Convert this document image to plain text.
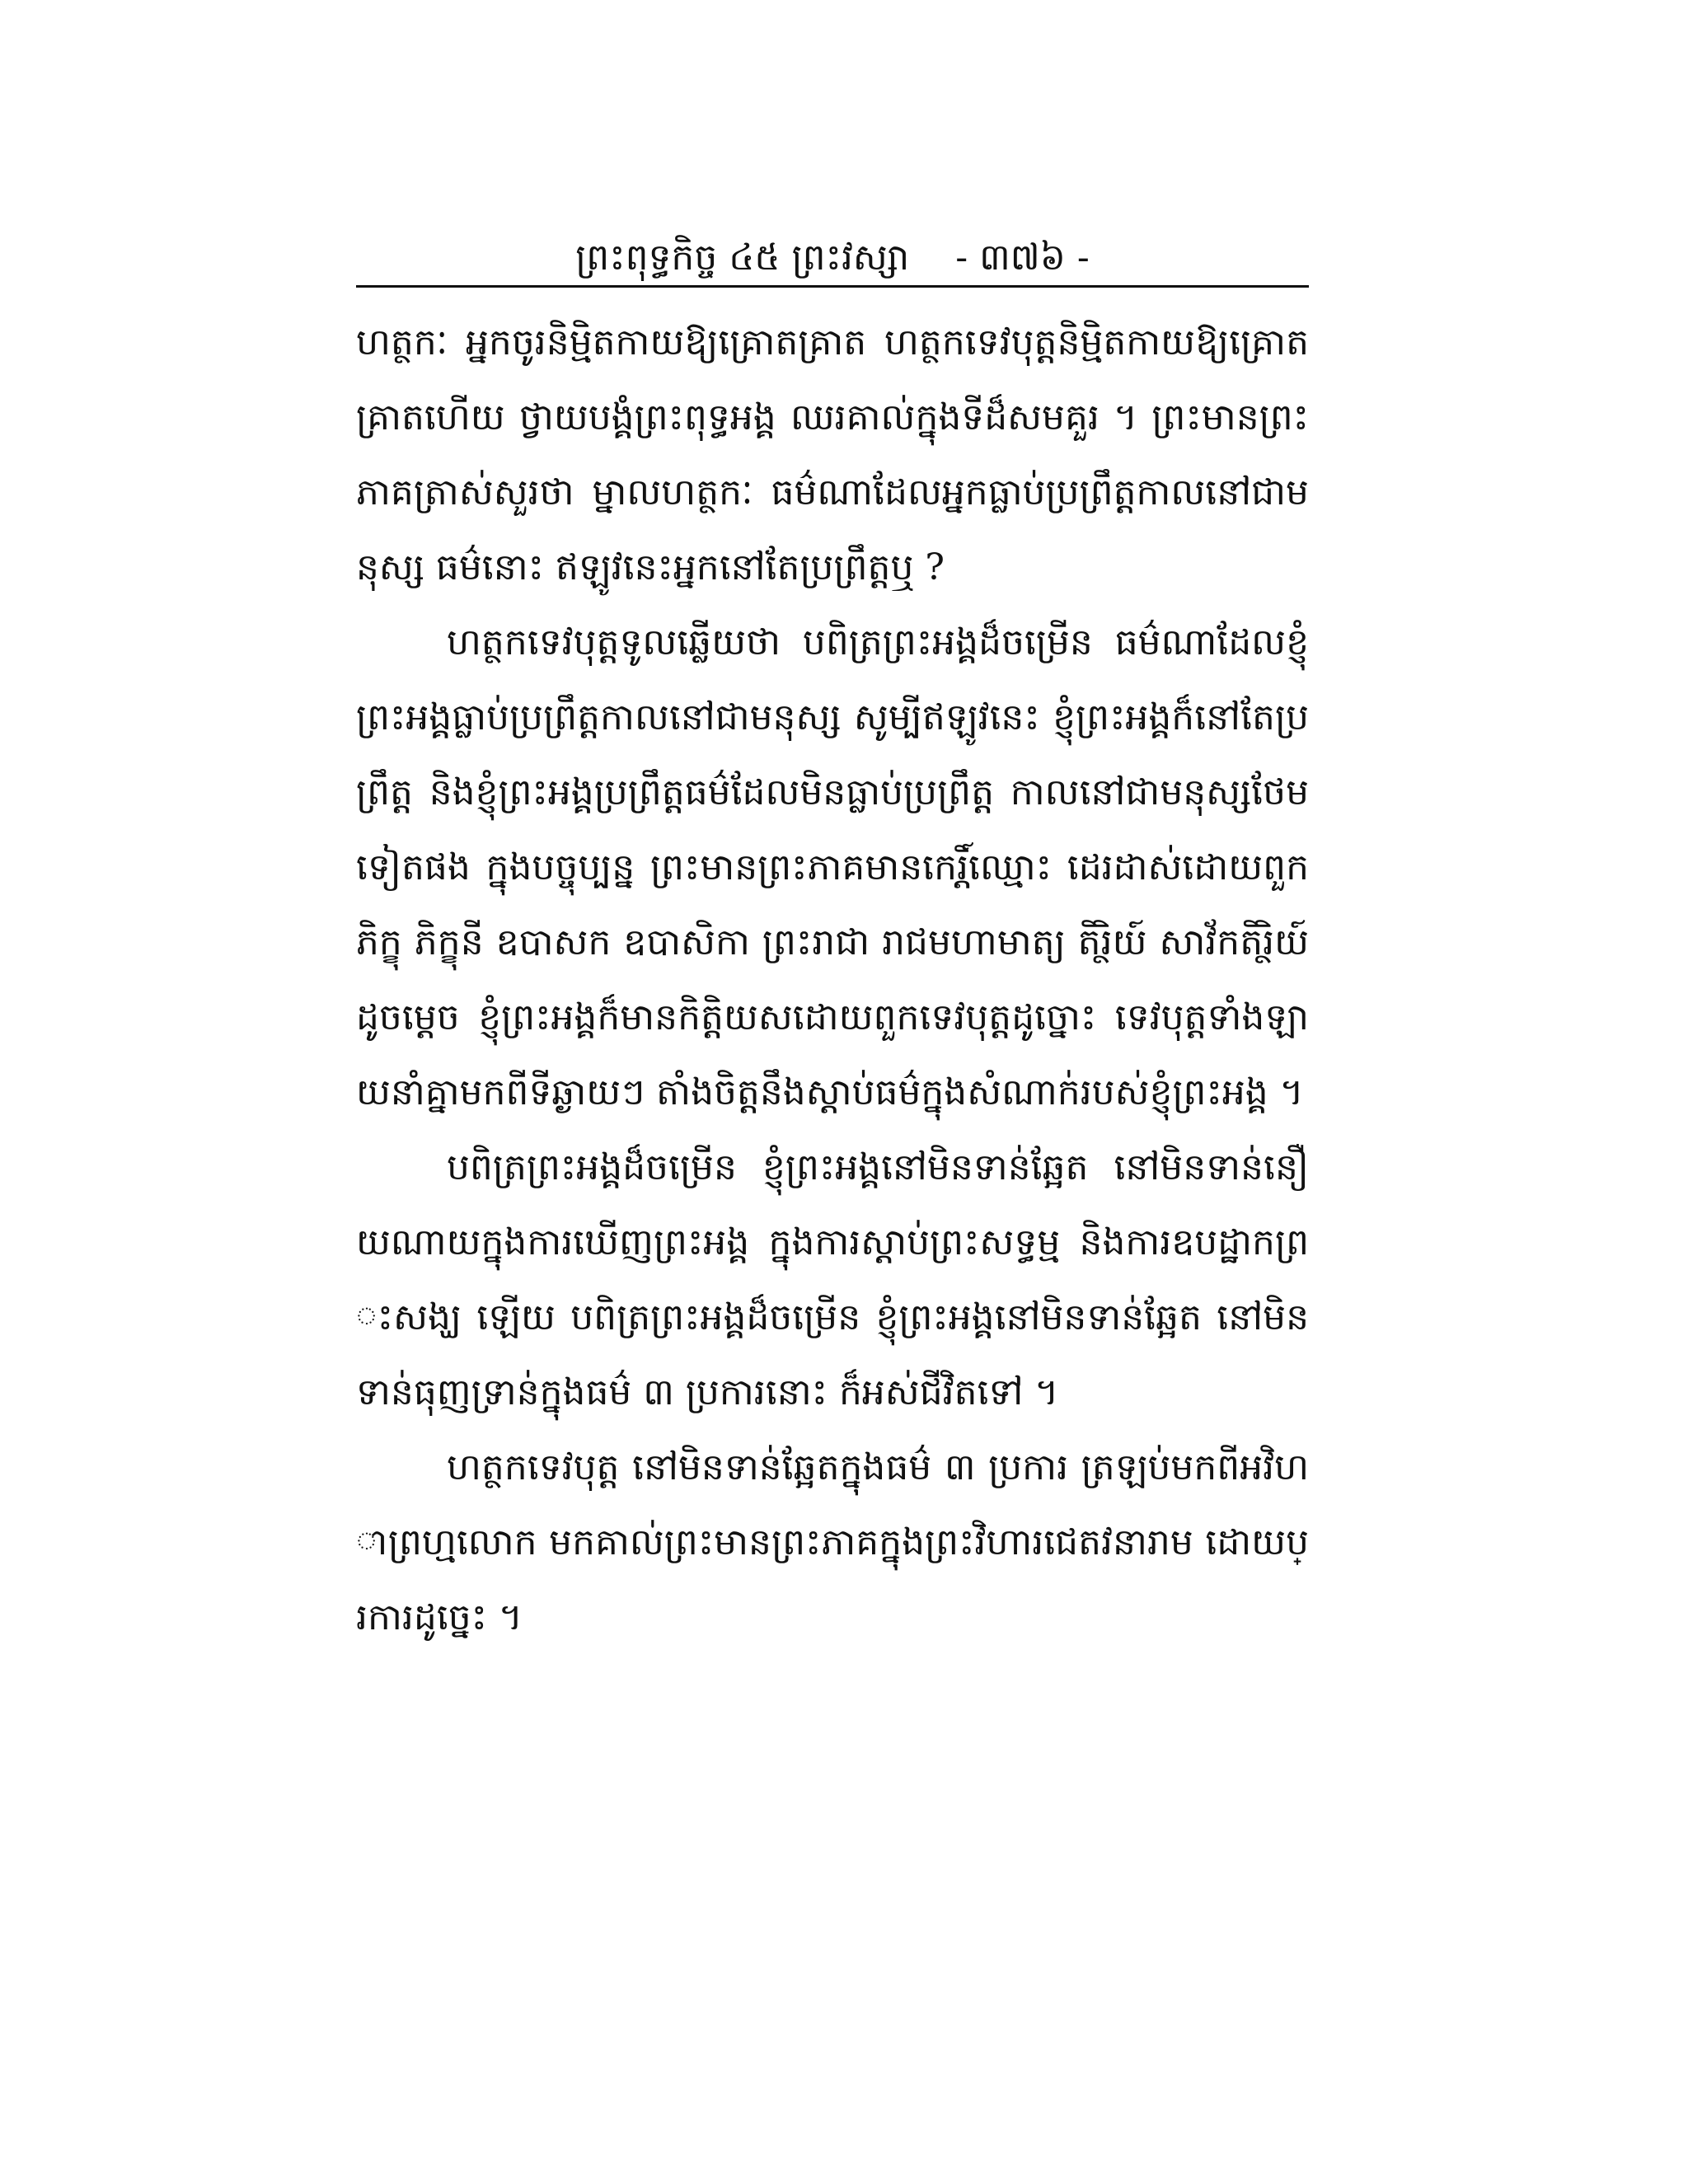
ព្រះពុទ្ធកិច្ច ៤៥ ព្រះវស្សា - ៣៧៦ -

ហត្ថកៈ អ្នកចូរនិម្មិតកាយឱ្យគ្រោតគ្រាត ហត្ថកទេវបុត្តនិម្មិតកាយឱ្យគ្រោតគ្រាតហើយ ថ្វាយបង្គំព្រះពុទ្ធអង្គ ឈរគាល់ក្នុងទីដ៏សមគួរ ។ ព្រះមានព្រះភាគត្រាស់សួរថា ម្នាលហត្ថកៈ ធម៌ណាដែលអ្នកធ្លាប់ប្រព្រឹត្តកាលនៅជាមនុស្ស ធម៌នោះ ឥឡូវនេះអ្នកនៅតែប្រព្រឹត្តឬ ?

ហត្ថកទេវបុត្តទូលឆ្លើយថា បពិត្រព្រះអង្គដ៏ចម្រើន ធម៌ណាដែលខ្ញុំព្រះអង្គធ្លាប់ប្រព្រឹត្តកាលនៅជាមនុស្ស សូម្បីឥឡូវនេះ ខ្ញុំព្រះអង្គក៏នៅតែប្រព្រឹត្ត និងខ្ញុំព្រះអង្គប្រព្រឹត្តធម៌ដែលមិនធ្លាប់ប្រព្រឹត្ត កាលនៅជាមនុស្សថែមទៀតផង ក្នុងបច្ចុប្បន្ន ព្រះមានព្រះភាគមានកេរ្តិ៍ឈ្មោះ ដេរដាស់ដោយពួកភិក្ខុ ភិក្ខុនី ឧបាសក ឧបាសិកា ព្រះរាជា រាជមហាមាត្យ តិរ្ថិយ៍ សាវ័កតិរ្ថិយ៍ ដូចម្តេច ខ្ញុំព្រះអង្គក៏មានកិត្តិយសដោយពួកទេវបុត្តដូច្នោះ ទេវបុត្តទាំងឡាយនាំគ្នាមកពីទីឆ្ងាយៗ តាំងចិត្តនឹងស្តាប់ធម៌ក្នុងសំណាក់របស់ខ្ញុំព្រះអង្គ ។

បពិត្រព្រះអង្គដ៏ចម្រើន ខ្ញុំព្រះអង្គនៅមិនទាន់ឆ្អែត នៅមិនទាន់នឿយណាយក្នុងការឃើញព្រះអង្គ ក្នុងការស្តាប់ព្រះសទ្ធម្ម និងការឧបដ្ឋាកព្រះសង្ឃ ឡើយ បពិត្រព្រះអង្គដ៏ចម្រើន ខ្ញុំព្រះអង្គនៅមិនទាន់ឆ្អែត នៅមិនទាន់ធុញទ្រាន់ក្នុងធម៌ ៣ ប្រការនោះ ក៏អស់ជីវិតទៅ ។

ហត្ថកទេវបុត្ត នៅមិនទាន់ឆ្អែតក្នុងធម៌ ៣ ប្រការ ត្រឡប់មកពីអវិហាព្រហ្មលោក មកគាល់ព្រះមានព្រះភាគក្នុងព្រះវិហារជេតវនារាម ដោយប្រការដូច្នេះ ។
